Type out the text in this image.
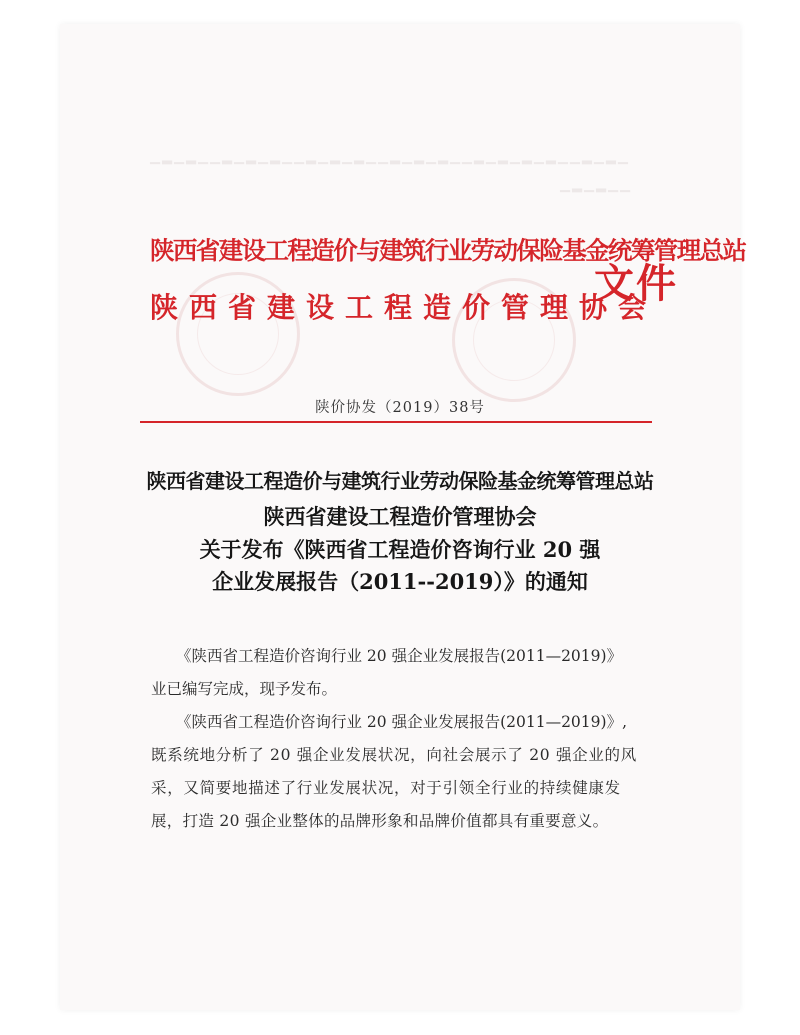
▁▂▁▂▁▁▂▁▂▁▂▁▁▂▁▂▁▂▁▁▂▁▂▁▂▁▁▂▁▂▁▂▁▂▁▁▂▁▂▁
▁▂▁▂▁▁
陕西省建设工程造价与建筑行业劳动保险基金统筹管理总站
陕西省建设工程造价管理协会
文件
陕价协发（2019）38号
陕西省建设工程造价与建筑行业劳动保险基金统筹管理总站
陕西省建设工程造价管理协会
关于发布《陕西省工程造价咨询行业 20 强
企业发展报告（2011--2019）》的通知
《陕西省工程造价咨询行业 20 强企业发展报告(2011—2019)》
业已编写完成，现予发布。
《陕西省工程造价咨询行业 20 强企业发展报告(2011—2019)》,
既系统地分析了 20 强企业发展状况，向社会展示了 20 强企业的风
采，又简要地描述了行业发展状况，对于引领全行业的持续健康发
展，打造 20 强企业整体的品牌形象和品牌价值都具有重要意义。
